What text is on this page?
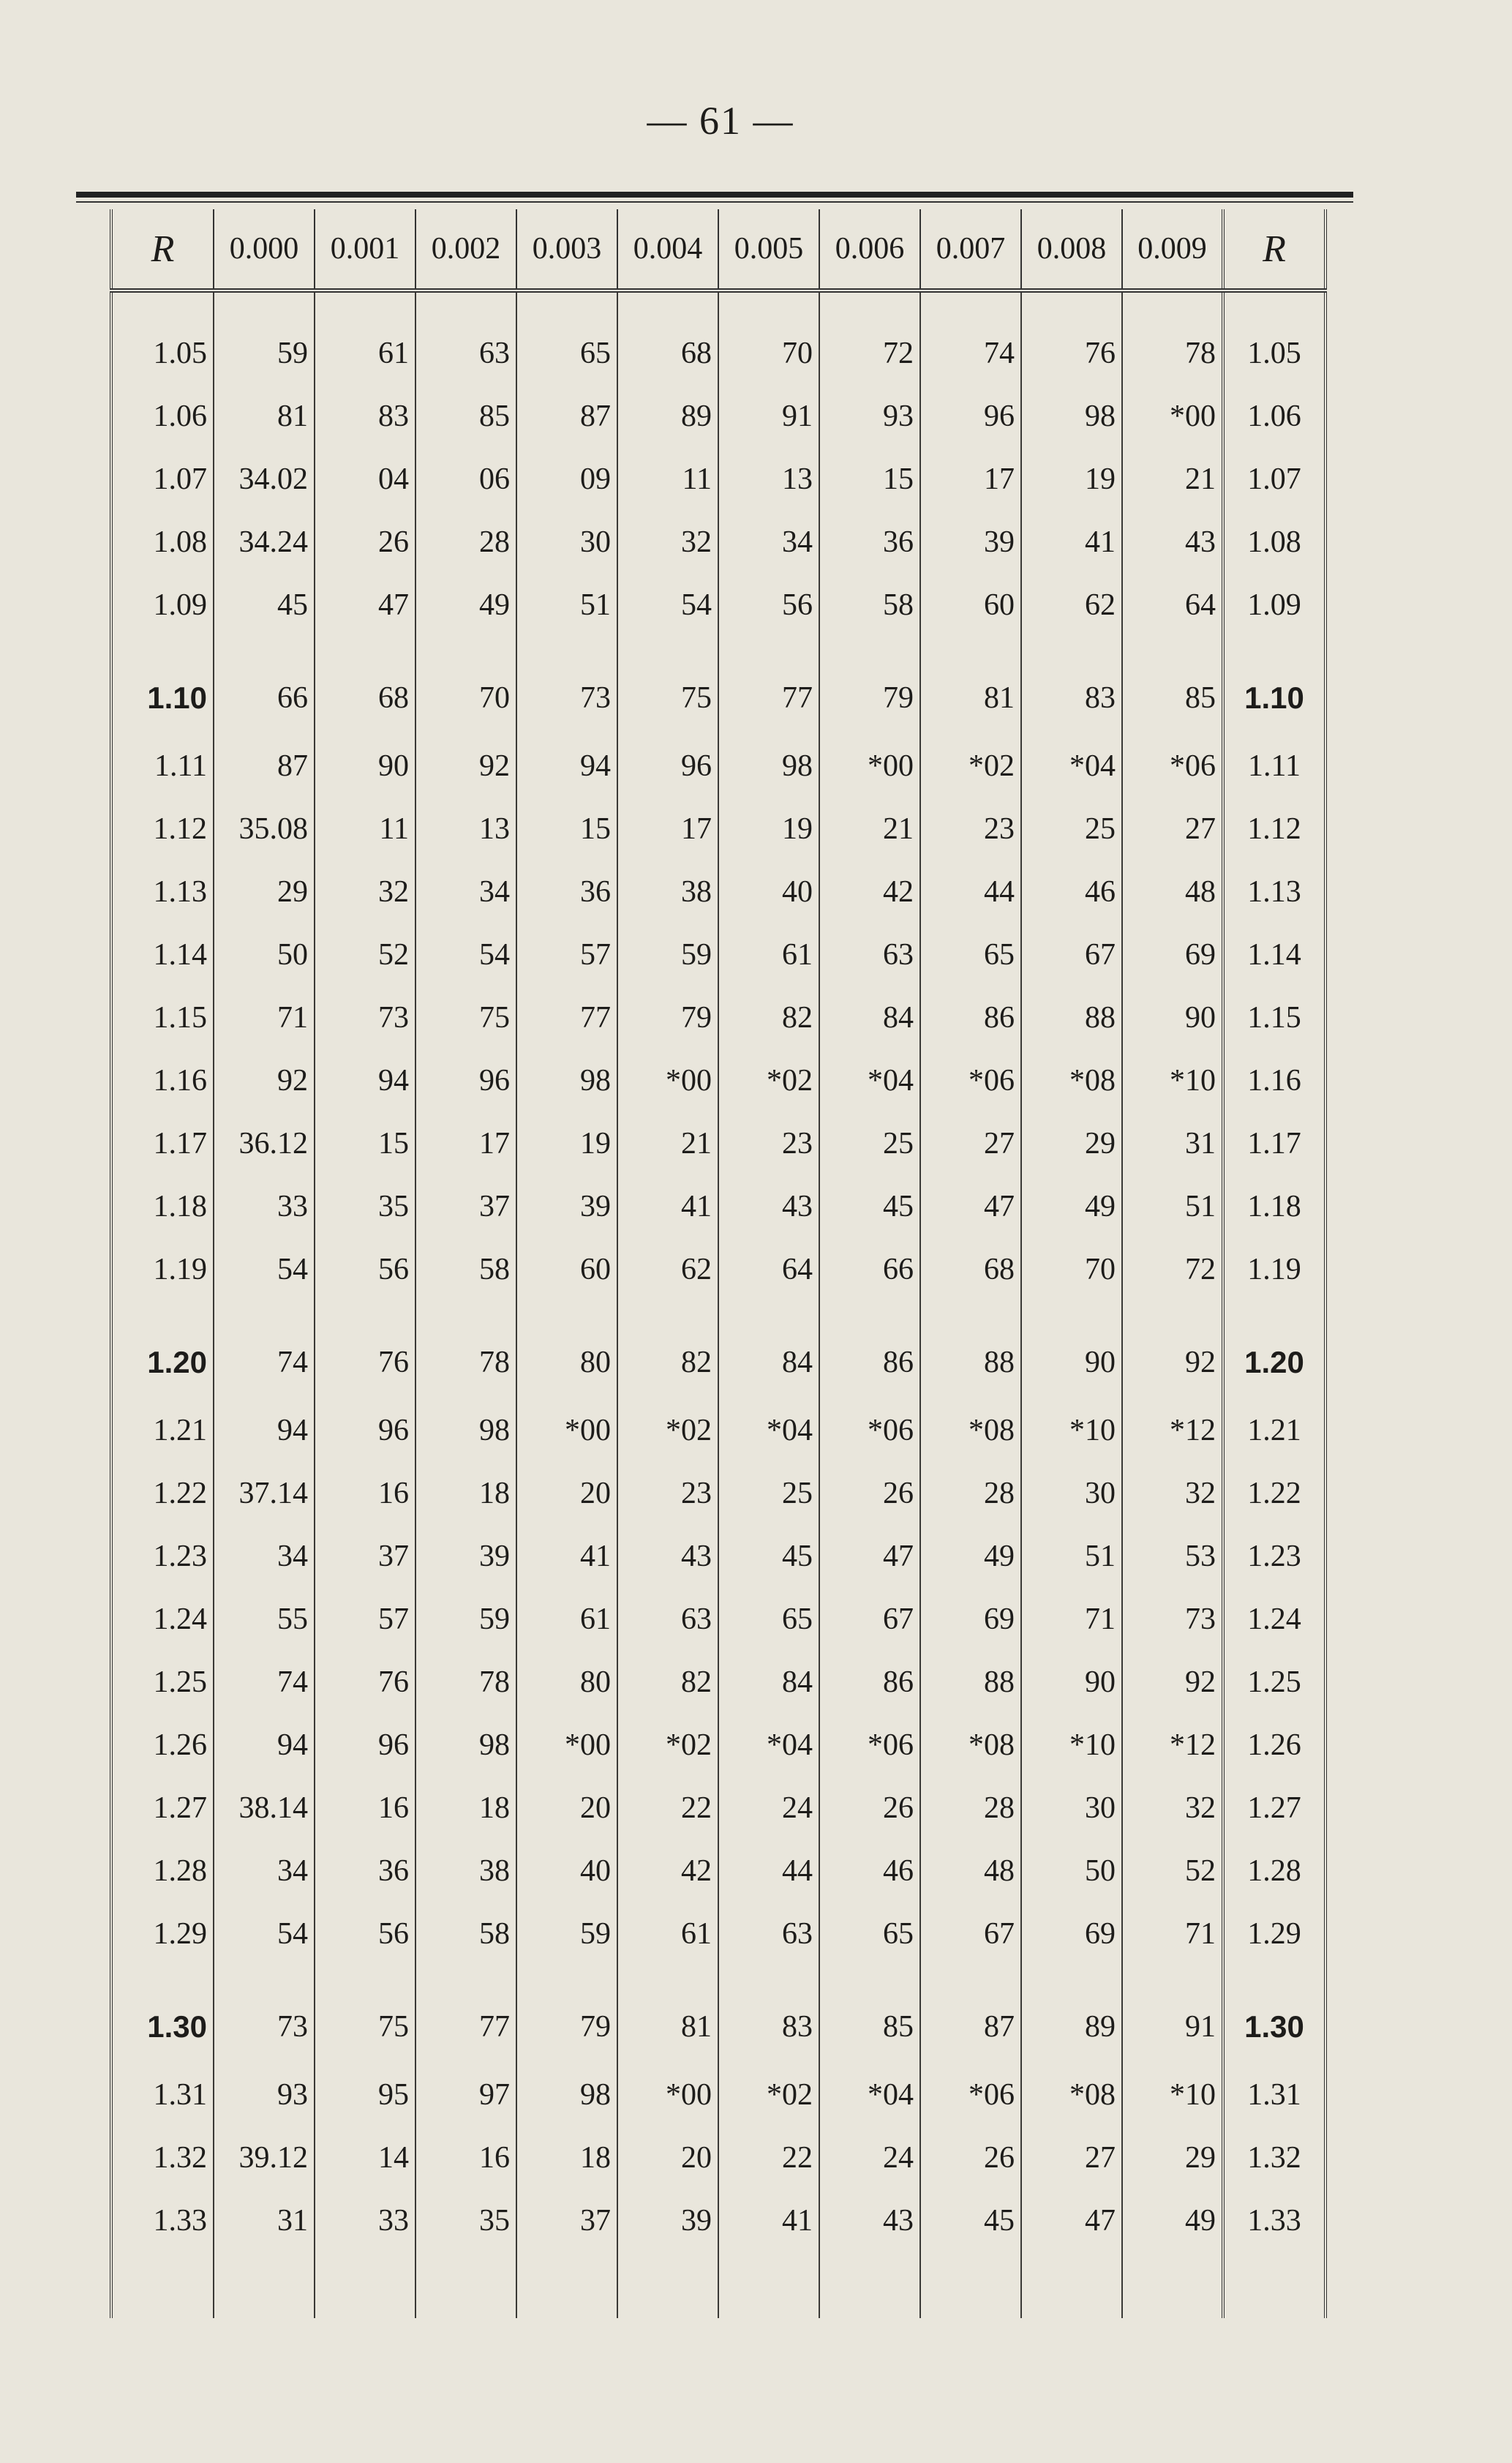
— 61 —
R	0.000	0.001	0.002	0.003	0.004	0.005	0.006	0.007	0.008	0.009	R
1.05	59	61	63	65	68	70	72	74	76	78	1.05
1.06	81	83	85	87	89	91	93	96	98	*00	1.06
1.07	34.02	04	06	09	11	13	15	17	19	21	1.07
1.08	34.24	26	28	30	32	34	36	39	41	43	1.08
1.09	45	47	49	51	54	56	58	60	62	64	1.09
1.10	66	68	70	73	75	77	79	81	83	85	1.10
1.11	87	90	92	94	96	98	*00	*02	*04	*06	1.11
1.12	35.08	11	13	15	17	19	21	23	25	27	1.12
1.13	29	32	34	36	38	40	42	44	46	48	1.13
1.14	50	52	54	57	59	61	63	65	67	69	1.14
1.15	71	73	75	77	79	82	84	86	88	90	1.15
1.16	92	94	96	98	*00	*02	*04	*06	*08	*10	1.16
1.17	36.12	15	17	19	21	23	25	27	29	31	1.17
1.18	33	35	37	39	41	43	45	47	49	51	1.18
1.19	54	56	58	60	62	64	66	68	70	72	1.19
1.20	74	76	78	80	82	84	86	88	90	92	1.20
1.21	94	96	98	*00	*02	*04	*06	*08	*10	*12	1.21
1.22	37.14	16	18	20	23	25	26	28	30	32	1.22
1.23	34	37	39	41	43	45	47	49	51	53	1.23
1.24	55	57	59	61	63	65	67	69	71	73	1.24
1.25	74	76	78	80	82	84	86	88	90	92	1.25
1.26	94	96	98	*00	*02	*04	*06	*08	*10	*12	1.26
1.27	38.14	16	18	20	22	24	26	28	30	32	1.27
1.28	34	36	38	40	42	44	46	48	50	52	1.28
1.29	54	56	58	59	61	63	65	67	69	71	1.29
1.30	73	75	77	79	81	83	85	87	89	91	1.30
1.31	93	95	97	98	*00	*02	*04	*06	*08	*10	1.31
1.32	39.12	14	16	18	20	22	24	26	27	29	1.32
1.33	31	33	35	37	39	41	43	45	47	49	1.33
